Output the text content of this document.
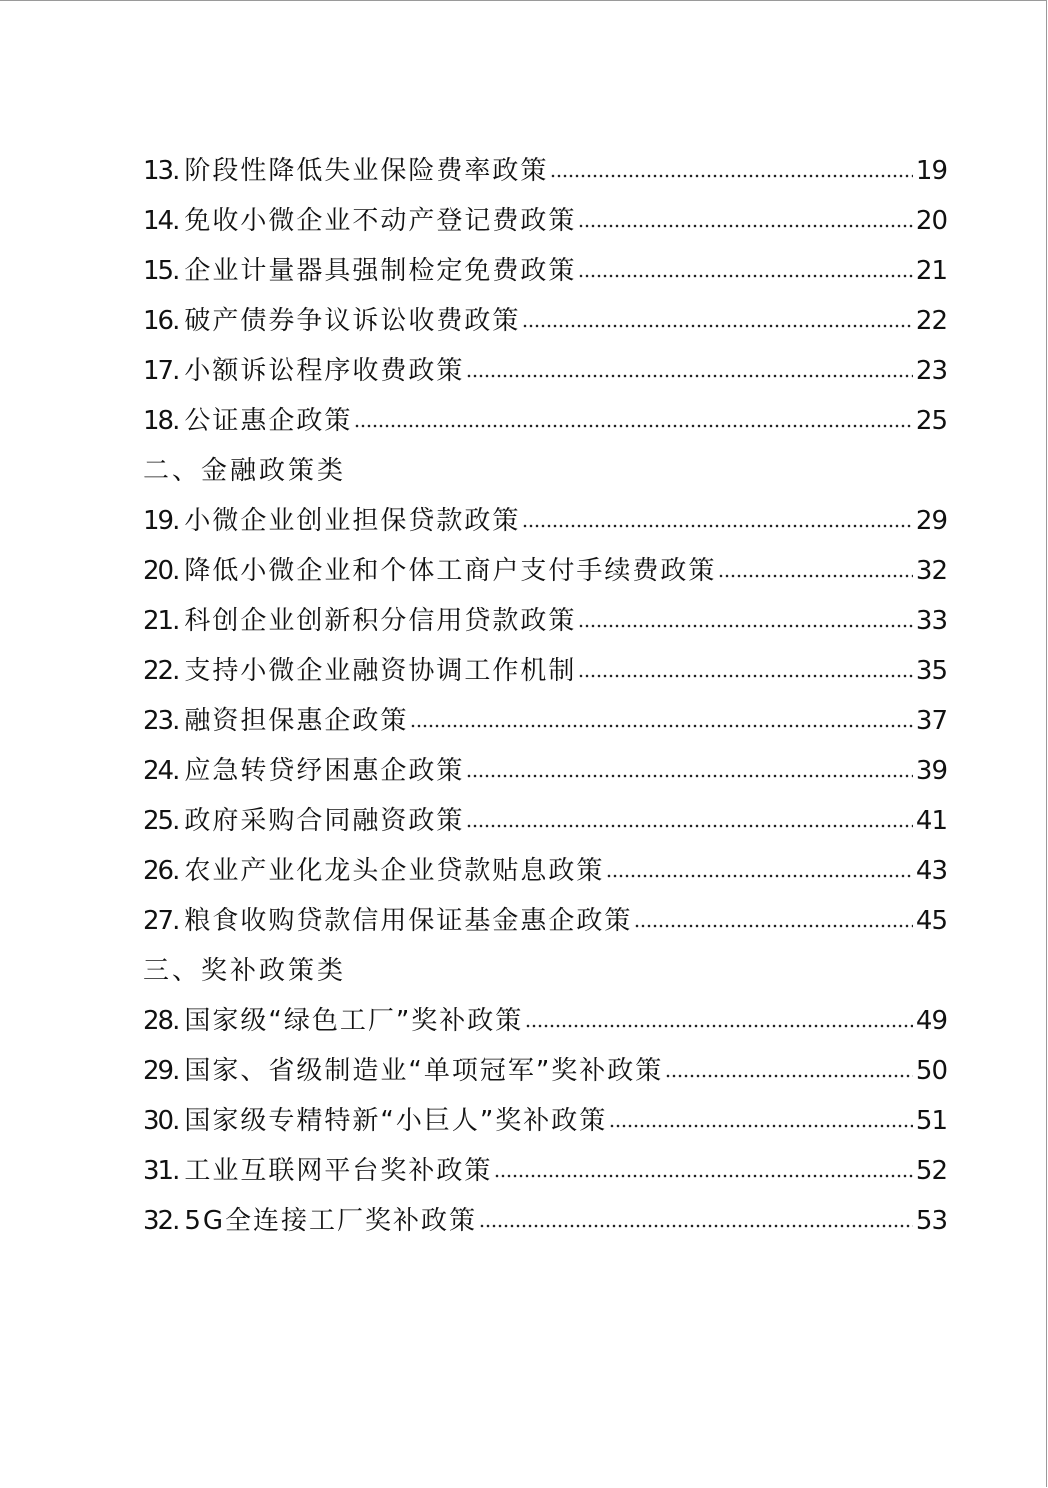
13. 阶段性降低失业保险费率政策	19
14. 免收小微企业不动产登记费政策	20
15. 企业计量器具强制检定免费政策	21
16. 破产债券争议诉讼收费政策	22
17. 小额诉讼程序收费政策	23
18. 公证惠企政策	25
二、金融政策类
19. 小微企业创业担保贷款政策	29
20. 降低小微企业和个体工商户支付手续费政策	32
21. 科创企业创新积分信用贷款政策	33
22. 支持小微企业融资协调工作机制	35
23. 融资担保惠企政策	37
24. 应急转贷纾困惠企政策	39
25. 政府采购合同融资政策	41
26. 农业产业化龙头企业贷款贴息政策	43
27. 粮食收购贷款信用保证基金惠企政策	45
三、奖补政策类
28. 国家级“绿色工厂”奖补政策	49
29. 国家、省级制造业“单项冠军”奖补政策	50
30. 国家级专精特新“小巨人”奖补政策	51
31. 工业互联网平台奖补政策	52
32. 5G全连接工厂奖补政策	53
